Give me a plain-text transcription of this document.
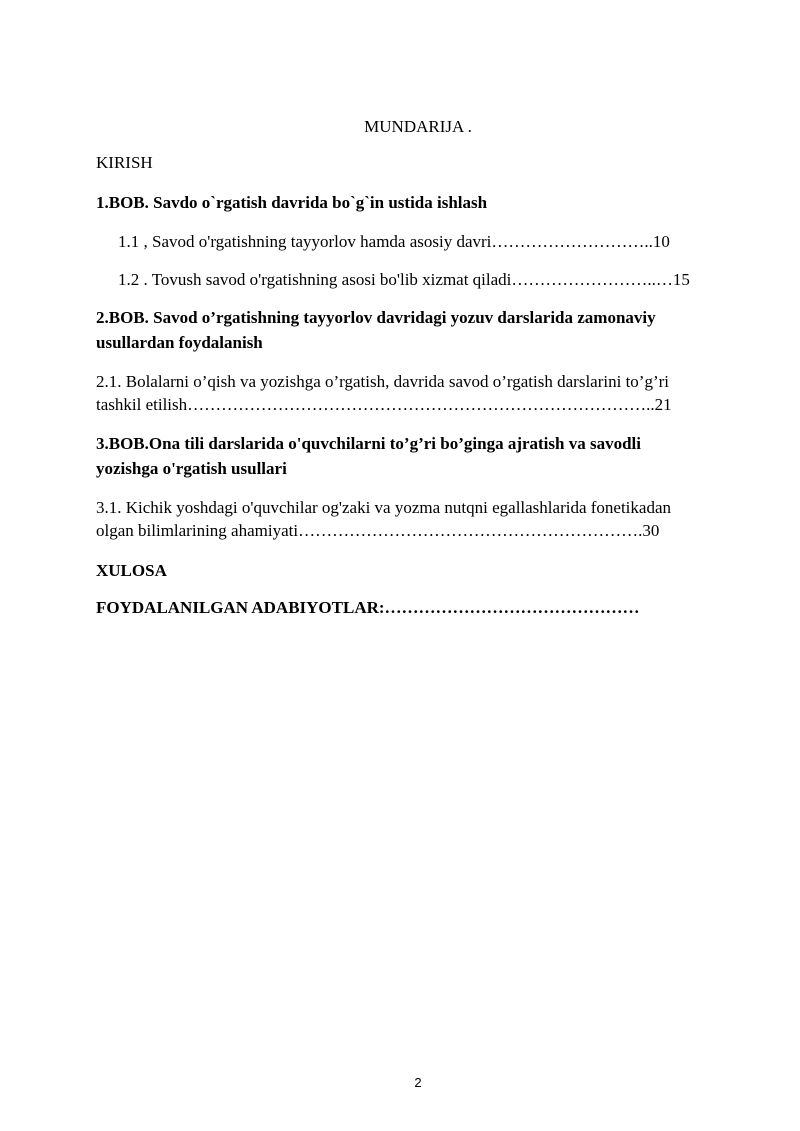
MUNDARIJA .
KIRISH
1.BOB. Savdo o`rgatish davrida bo`g`in ustida ishlash
1.1 , Savod o'rgatishning tayyorlov hamda asosiy davri………………………..10
1.2 . Tovush savod o'rgatishning asosi bo'lib xizmat qiladi……………………..…15
2.BOB. Savod o’rgatishning tayyorlov davridagi yozuv darslarida zamonaviy
usullardan foydalanish
2.1. Bolalarni o’qish va yozishga o’rgatish, davrida savod o’rgatish darslarini to’g’ri
tashkil etilish………………………………………………………………………..21
3.BOB.Ona tili darslarida o'quvchilarni to’g’ri bo’ginga ajratish va savodli
yozishga o'rgatish usullari
3.1. Kichik yoshdagi o'quvchilar og'zaki va yozma nutqni egallashlarida fonetikadan
olgan bilimlarining ahamiyati…………………………………………………….30
XULOSA
FOYDALANILGAN ADABIYOTLAR:………………………………………
2
